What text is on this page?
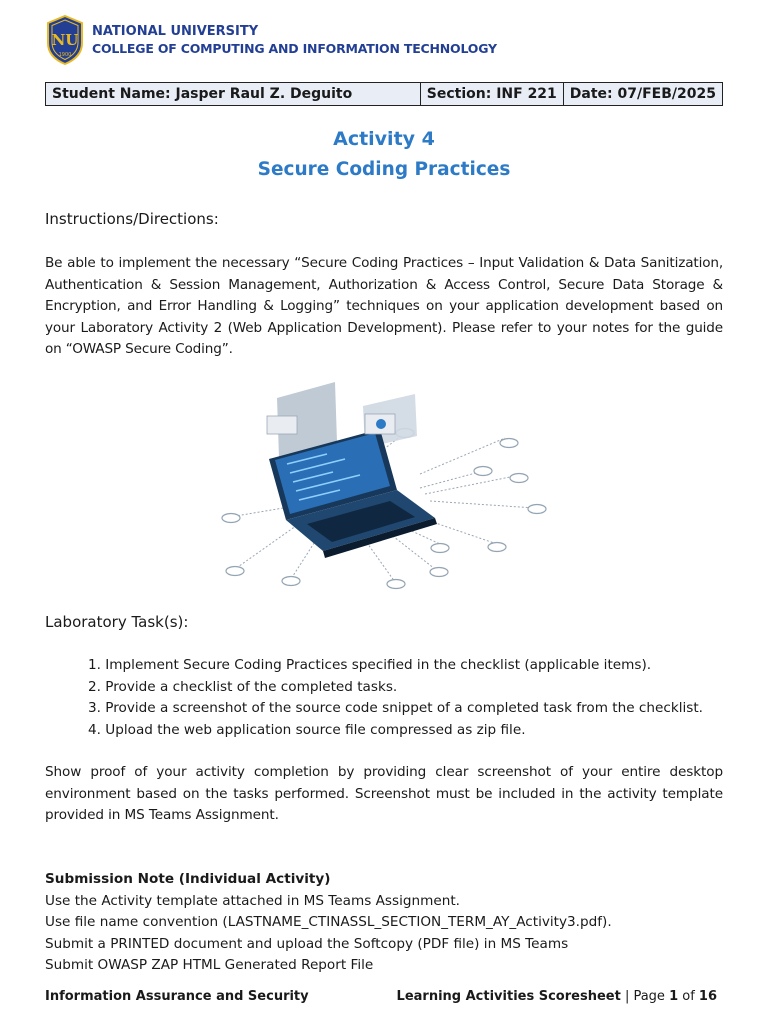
NU
1900
NATIONAL UNIVERSITY
COLLEGE OF COMPUTING AND INFORMATION TECHNOLOGY
Student Name: Jasper Raul Z. Deguito	Section: INF 221	Date: 07/FEB/2025
Activity 4
Secure Coding Practices
Instructions/Directions:
Be able to implement the necessary “Secure Coding Practices – Input Validation & Data Sanitization, Authentication & Session Management, Authorization & Access Control, Secure Data Storage & Encryption, and Error Handling & Logging” techniques on your application development based on your Laboratory Activity 2 (Web Application Development). Please refer to your notes for the guide on “OWASP Secure Coding”.
Laboratory Task(s):
1. Implement Secure Coding Practices specified in the checklist (applicable items).
2. Provide a checklist of the completed tasks.
3. Provide a screenshot of the source code snippet of a completed task from the checklist.
4. Upload the web application source file compressed as zip file.
Show proof of your activity completion by providing clear screenshot of your entire desktop environment based on the tasks performed. Screenshot must be included in the activity template provided in MS Teams Assignment.
Submission Note (Individual Activity)
Use the Activity template attached in MS Teams Assignment.
Use file name convention (LASTNAME_CTINASSL_SECTION_TERM_AY_Activity3.pdf).
Submit a PRINTED document and upload the Softcopy (PDF file) in MS Teams
Submit OWASP ZAP HTML Generated Report File
Information Assurance and Security	Learning Activities Scoresheet | Page 1 of 16
